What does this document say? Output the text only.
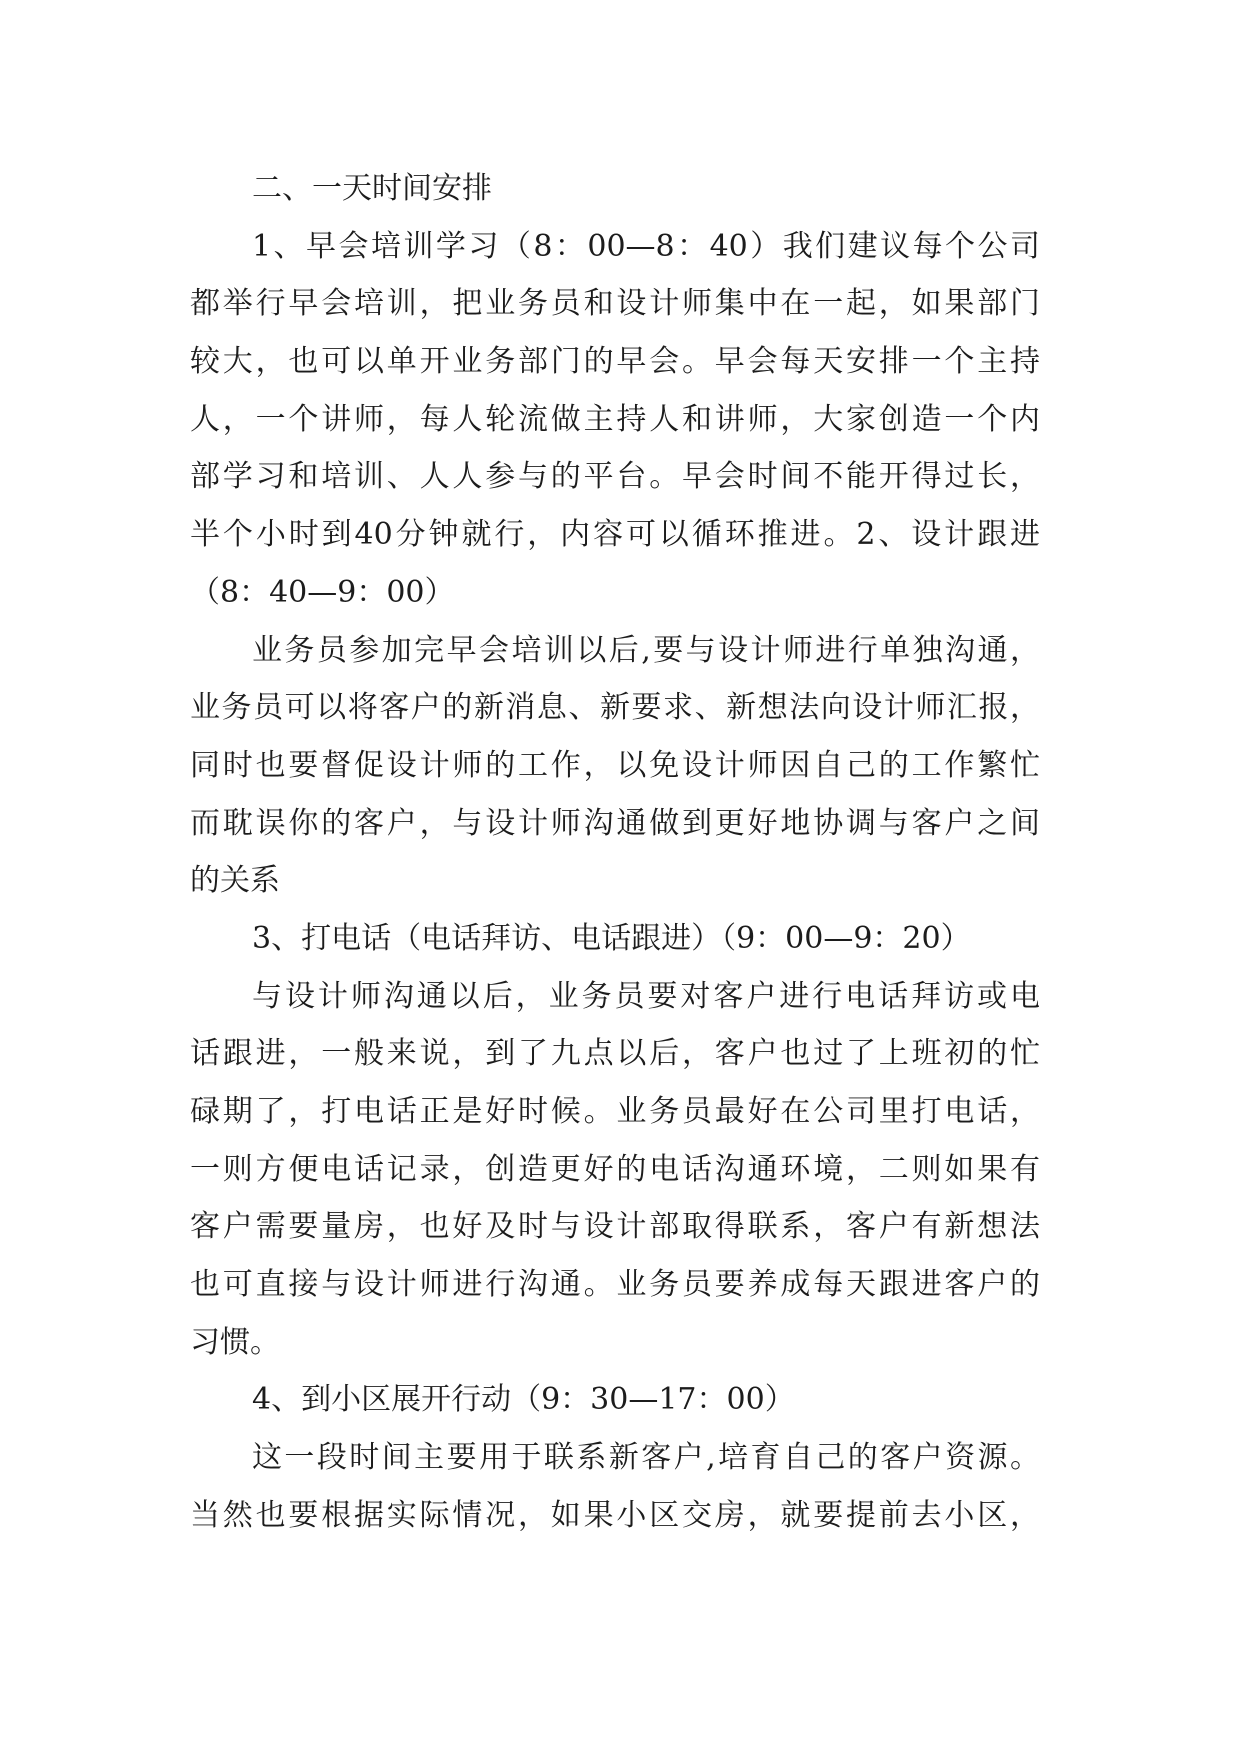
二、一天时间安排
1、早会培训学习（8：00—8：40）我们建议每个公司
都举行早会培训，把业务员和设计师集中在一起，如果部门
较大，也可以单开业务部门的早会。早会每天安排一个主持
人，一个讲师，每人轮流做主持人和讲师，大家创造一个内
部学习和培训、人人参与的平台。早会时间不能开得过长，
半个小时到40分钟就行，内容可以循环推进。2、设计跟进
（8：40—9：00）
业务员参加完早会培训以后,要与设计师进行单独沟通，
业务员可以将客户的新消息、新要求、新想法向设计师汇报，
同时也要督促设计师的工作，以免设计师因自己的工作繁忙
而耽误你的客户，与设计师沟通做到更好地协调与客户之间
的关系
3、打电话（电话拜访、电话跟进）（9：00—9：20）
与设计师沟通以后，业务员要对客户进行电话拜访或电
话跟进，一般来说，到了九点以后，客户也过了上班初的忙
碌期了，打电话正是好时候。业务员最好在公司里打电话，
一则方便电话记录，创造更好的电话沟通环境，二则如果有
客户需要量房，也好及时与设计部取得联系，客户有新想法
也可直接与设计师进行沟通。业务员要养成每天跟进客户的
习惯。
4、到小区展开行动（9：30—17：00）
这一段时间主要用于联系新客户,培育自己的客户资源。
当然也要根据实际情况，如果小区交房，就要提前去小区，
